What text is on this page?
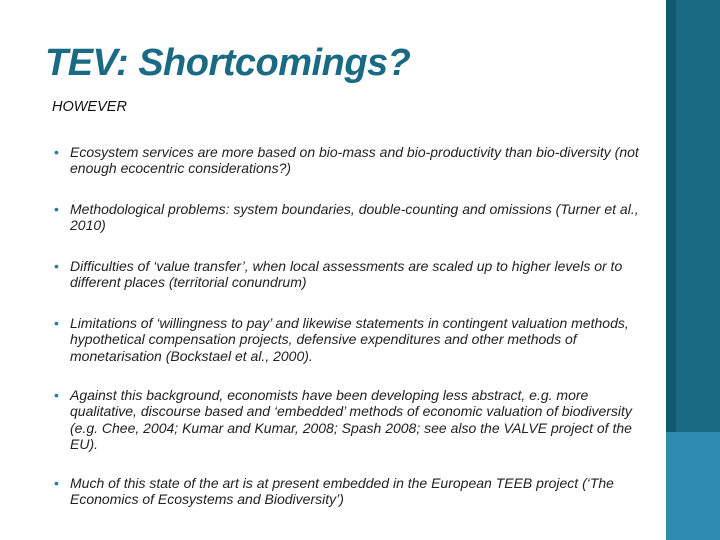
TEV: Shortcomings?

HOWEVER

• Ecosystem services are more based on bio-mass and bio-productivity than bio-diversity (not enough ecocentric considerations?)
• Methodological problems: system boundaries, double-counting and omissions (Turner et al., 2010)
• Difficulties of ‘value transfer’, when local assessments are scaled up to higher levels or to different places (territorial conundrum)
• Limitations of ‘willingness to pay’ and likewise statements in contingent valuation methods, hypothetical compensation projects, defensive expenditures and other methods of monetarisation (Bockstael et al., 2000).
• Against this background, economists have been developing less abstract, e.g. more qualitative, discourse based and ‘embedded’ methods of economic valuation of biodiversity (e.g. Chee, 2004; Kumar and Kumar, 2008; Spash 2008; see also the VALVE project of the EU).
• Much of this state of the art is at present embedded in the European TEEB project (‘The Economics of Ecosystems and Biodiversity’)
